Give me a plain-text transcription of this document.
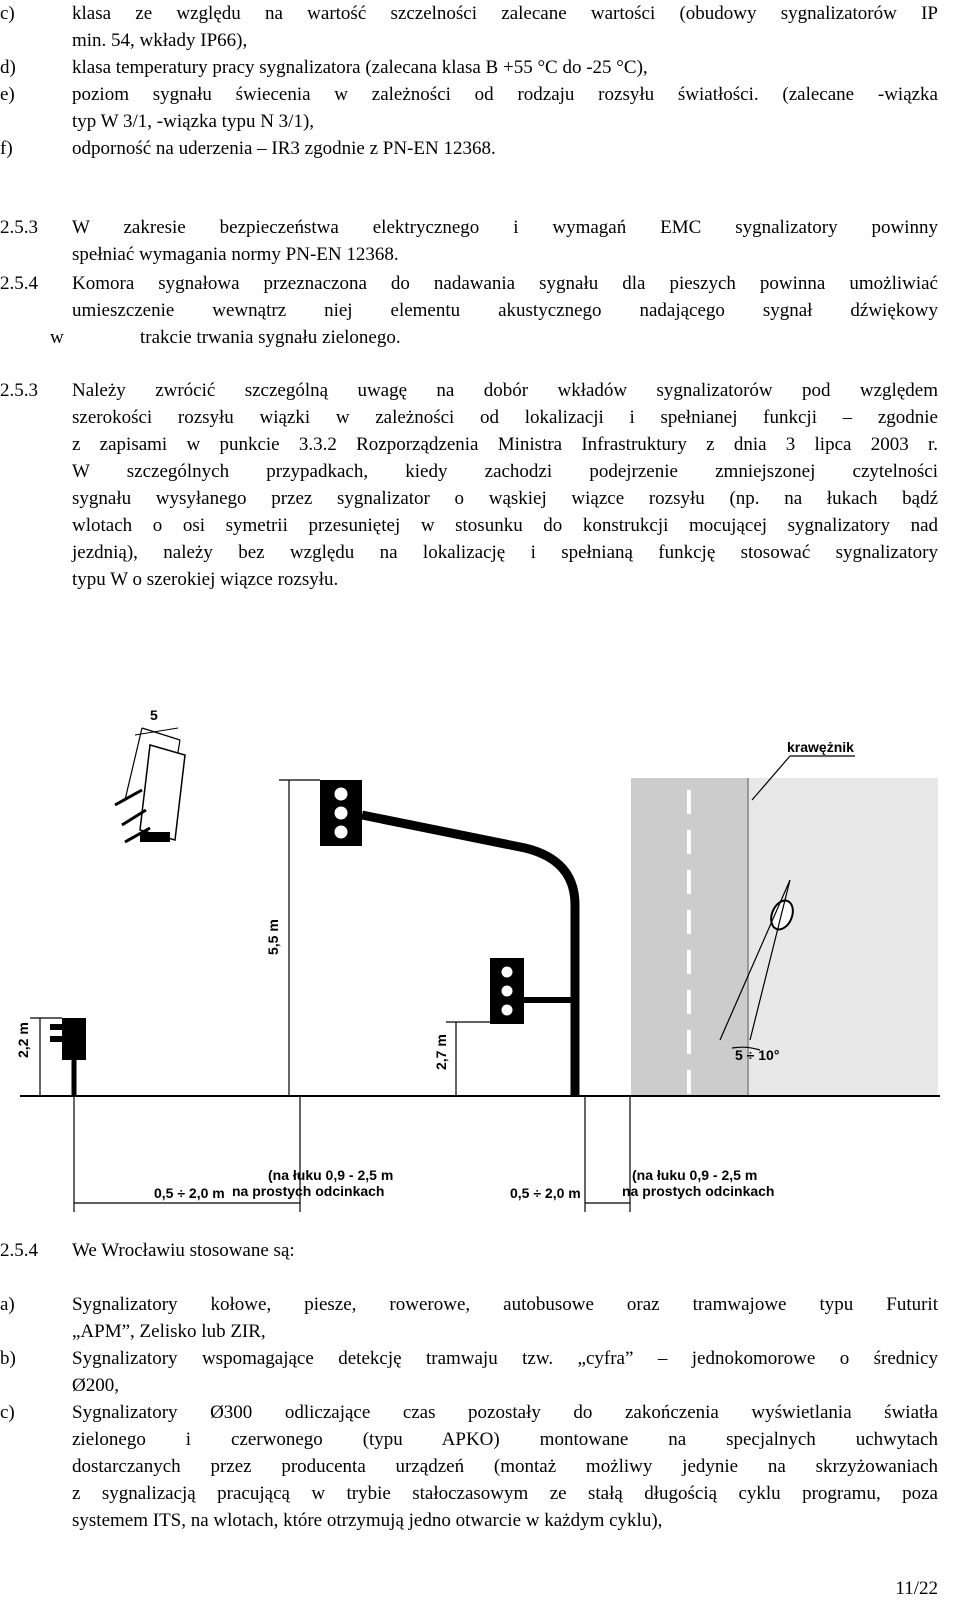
c)	klasa ze względu na wartość szczelności zalecane wartości (obudowy sygnalizatorów IP
min. 54, wkłady IP66),
d)	klasa temperatury pracy sygnalizatora (zalecana klasa B +55 °C do -25 °C),
e)	poziom sygnału świecenia w zależności od rodzaju rozsyłu światłości. (zalecane -wiązka
typ W 3/1, -wiązka typu N 3/1),
f)	odporność na uderzenia – IR3 zgodnie z PN-EN 12368.
2.5.3 W zakresie bezpieczeństwa elektrycznego i wymagań EMC sygnalizatory powinny
spełniać wymagania normy PN-EN 12368.
2.5.4 Komora sygnałowa przeznaczona do nadawania sygnału dla pieszych powinna umożliwiać
umieszczenie wewnątrz niej elementu akustycznego nadającego sygnał dźwiękowy
w	trakcie trwania sygnału zielonego.
2.5.3 Należy zwrócić szczególną uwagę na dobór wkładów sygnalizatorów pod względem
szerokości rozsyłu wiązki w zależności od lokalizacji i spełnianej funkcji – zgodnie
z zapisami w punkcie 3.3.2 Rozporządzenia Ministra Infrastruktury z dnia 3 lipca 2003 r.
W szczególnych przypadkach, kiedy zachodzi podejrzenie zmniejszonej czytelności
sygnału wysyłanego przez sygnalizator o wąskiej wiązce rozsyłu (np. na łukach bądź
wlotach o osi symetrii przesuniętej w stosunku do konstrukcji mocującej sygnalizatory nad
jezdnią), należy bez względu na lokalizację i spełnianą funkcję stosować sygnalizatory
typu W o szerokiej wiązce rozsyłu.
krawężnik
5
2,2 m
5,5 m
2,7 m
0,5 ÷ 2,0 m	0,5 ÷ 2,0 m
(na łuku 0,9 - 2,5 m
na prostych odcinkach
(na łuku 0,9 - 2,5 m
na prostych odcinkach
5 ÷ 10°
2.5.4 We Wrocławiu stosowane są:
a)	Sygnalizatory kołowe, piesze, rowerowe, autobusowe oraz tramwajowe typu Futurit
„APM”, Zelisko lub ZIR,
b)	Sygnalizatory wspomagające detekcję tramwaju tzw. „cyfra” – jednokomorowe o średnicy
Ø200,
c)	Sygnalizatory Ø300 odliczające czas pozostały do zakończenia wyświetlania światła
zielonego i czerwonego (typu APKO) montowane na specjalnych uchwytach
dostarczanych przez producenta urządzeń (montaż możliwy jedynie na skrzyżowaniach
z sygnalizacją pracującą w trybie stałoczasowym ze stałą długością cyklu programu, poza
systemem ITS, na wlotach, które otrzymują jedno otwarcie w każdym cyklu),
11/22
